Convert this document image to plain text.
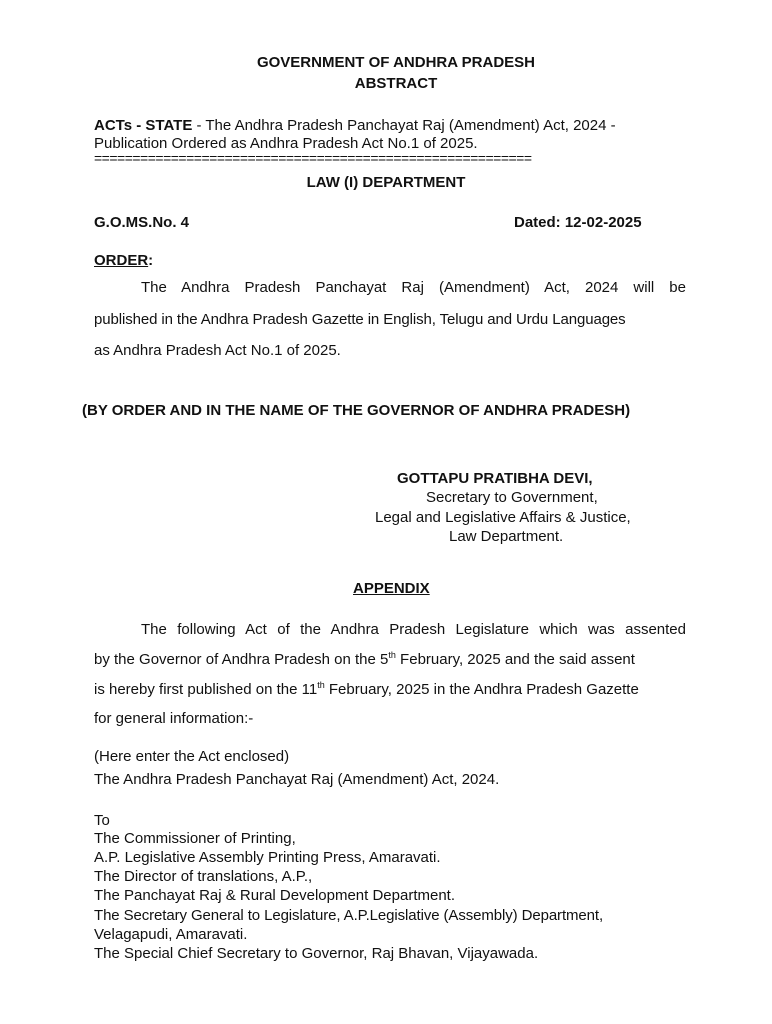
GOVERNMENT OF ANDHRA PRADESH
ABSTRACT
ACTs - STATE - The Andhra Pradesh Panchayat Raj (Amendment) Act, 2024 -
Publication Ordered as Andhra Pradesh Act No.1 of 2025.
=========================================================
LAW (I) DEPARTMENT
G.O.MS.No. 4	Dated: 12-02-2025
ORDER:
The Andhra Pradesh Panchayat Raj (Amendment) Act, 2024 will be
published in the Andhra Pradesh Gazette in English, Telugu and Urdu Languages
as Andhra Pradesh Act No.1 of 2025.
(BY ORDER AND IN THE NAME OF THE GOVERNOR OF ANDHRA PRADESH)
GOTTAPU PRATIBHA DEVI,
Secretary to Government,
Legal and Legislative Affairs & Justice,
Law Department.
APPENDIX
The following Act of the Andhra Pradesh Legislature which was assented
by the Governor of Andhra Pradesh on the 5th February, 2025 and the said assent
is hereby first published on the 11th February, 2025 in the Andhra Pradesh Gazette
for general information:-
(Here enter the Act enclosed)
The Andhra Pradesh Panchayat Raj (Amendment) Act, 2024.
To
The Commissioner of Printing,
A.P. Legislative Assembly Printing Press, Amaravati.
The Director of translations, A.P.,
The Panchayat Raj & Rural Development Department.
The Secretary General to Legislature, A.P.Legislative (Assembly) Department,
Velagapudi, Amaravati.
The Special Chief Secretary to Governor, Raj Bhavan, Vijayawada.
